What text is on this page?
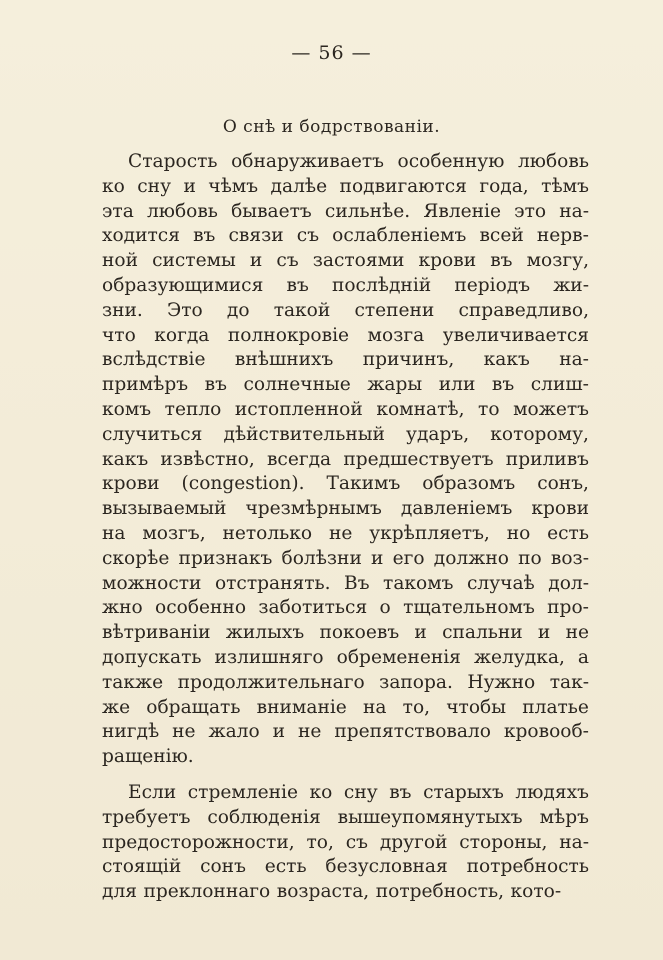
— 56 —
О снѣ и бодрствованіи.
Старость обнаруживаетъ особенную любовь
ко сну и чѣмъ далѣе подвигаются года, тѣмъ
эта любовь бываетъ сильнѣе. Явленіе это на-
ходится въ связи съ ослабленіемъ всей нерв-
ной системы и съ застоями крови въ мозгу,
образующимися въ послѣдній періодъ жи-
зни. Это до такой степени справедливо,
что когда полнокровіе мозга увеличивается
вслѣдствіе внѣшнихъ причинъ, какъ на-
примѣръ въ солнечные жары или въ слиш-
комъ тепло истопленной комнатѣ, то можетъ
случиться дѣйствительный ударъ, которому,
какъ извѣстно, всегда предшествуетъ приливъ
крови (congestion). Такимъ образомъ сонъ,
вызываемый чрезмѣрнымъ давленіемъ крови
на мозгъ, нетолько не укрѣпляетъ, но есть
скорѣе признакъ болѣзни и его должно по воз-
можности отстранять. Въ такомъ случаѣ дол-
жно особенно заботиться о тщательномъ про-
вѣтриваніи жилыхъ покоевъ и спальни и не
допускать излишняго обремененія желудка, а
также продолжительнаго запора. Нужно так-
же обращать вниманіе на то, чтобы платье
нигдѣ не жало и не препятствовало кровооб-
ращенію.
Если стремленіе ко сну въ старыхъ людяхъ
требуетъ соблюденія вышеупомянутыхъ мѣръ
предосторожности, то, съ другой стороны, на-
стоящій сонъ есть безусловная потребность
для преклоннаго возраста, потребность, кото-
